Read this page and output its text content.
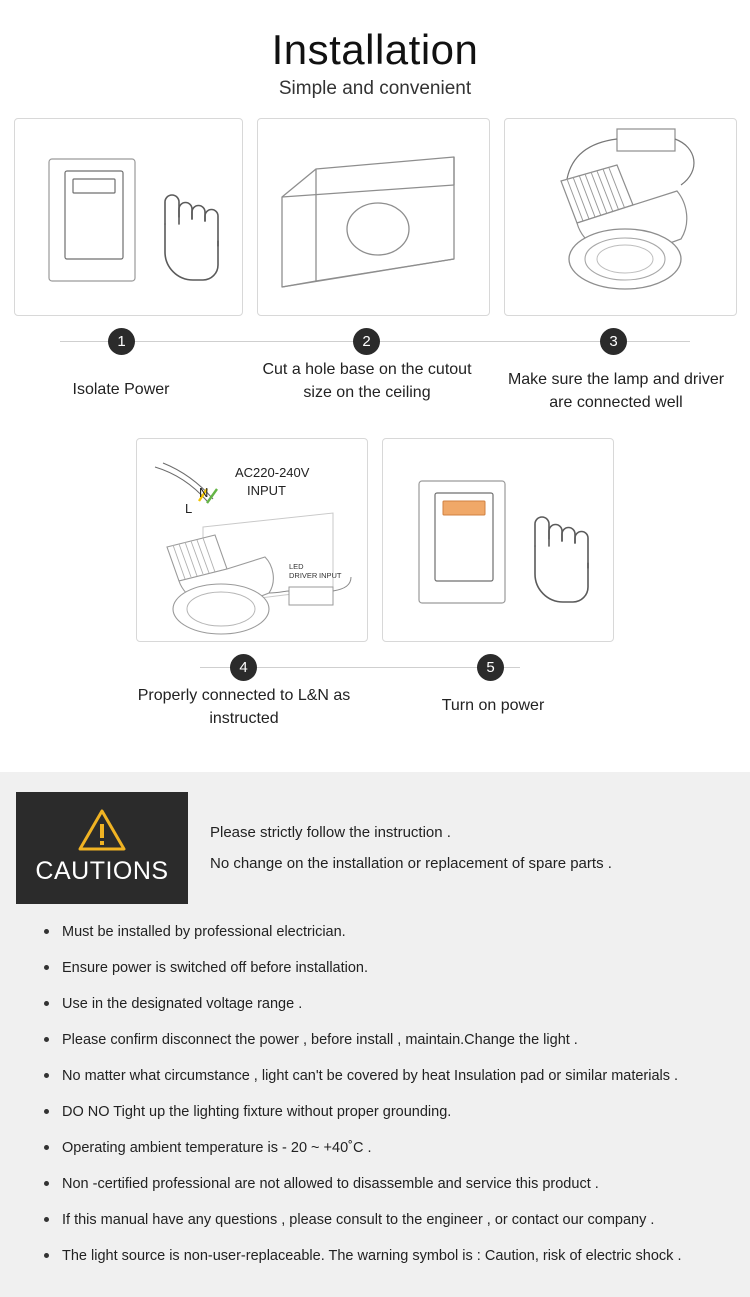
Installation
Simple and convenient
1	2	3
Isolate Power
Cut a hole base on the cutout size on the ceiling
Make sure the lamp and driver are connected well
AC220-240V
INPUT
N
L
LED
DRIVER INPUT
4	5
Properly connected to L&N as instructed
Turn on power
CAUTIONS
Please strictly follow the instruction .
No change on the installation or replacement of spare parts .
Must be installed by professional electrician.
Ensure power is switched off before installation.
Use in the designated voltage range .
Please confirm disconnect the power , before install , maintain.Change the light .
No matter what circumstance , light can't be covered by heat Insulation pad or similar materials .
DO NO Tight up the lighting fixture without proper grounding.
Operating ambient temperature is - 20 ~ +40˚C .
Non -certified professional are not allowed to disassemble and service this product .
If this manual have any questions , please consult to the engineer , or contact our company .
The light source is non-user-replaceable. The warning symbol is : Caution, risk of electric shock .
